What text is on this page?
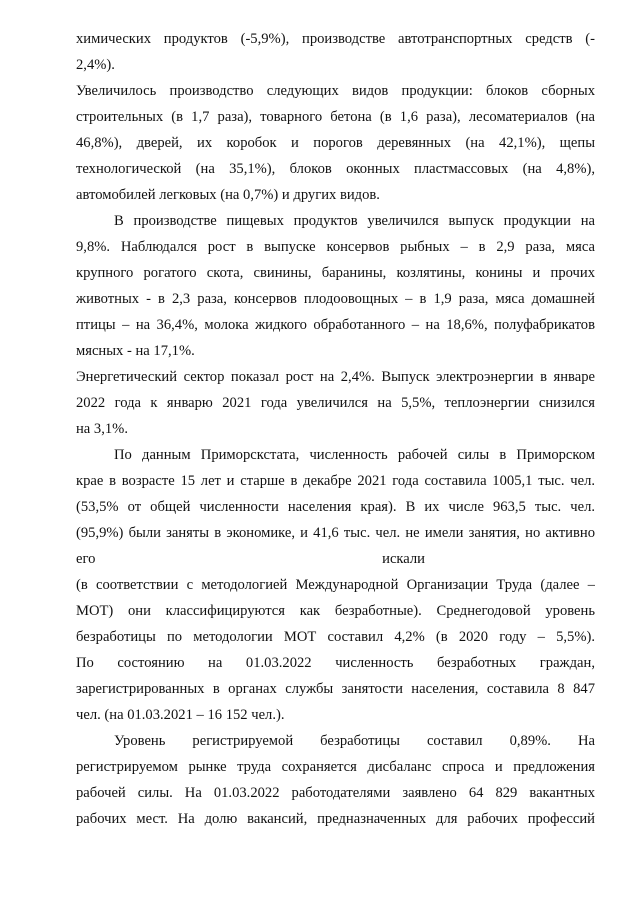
химических продуктов (-5,9%), производстве автотранспортных средств (-
2,4%).
Увеличилось производство следующих видов продукции: блоков сборных
строительных (в 1,7 раза), товарного бетона (в 1,6 раза), лесоматериалов (на
46,8%), дверей, их коробок и порогов деревянных (на 42,1%), щепы
технологической (на 35,1%), блоков оконных пластмассовых (на 4,8%),
автомобилей легковых (на 0,7%) и других видов.
В производстве пищевых продуктов увеличился выпуск продукции на
9,8%. Наблюдался рост в выпуске консервов рыбных – в 2,9 раза, мяса
крупного рогатого скота, свинины, баранины, козлятины, конины и прочих
животных - в 2,3 раза, консервов плодоовощных – в 1,9 раза, мяса домашней
птицы – на 36,4%, молока жидкого обработанного – на 18,6%, полуфабрикатов
мясных - на 17,1%.
Энергетический сектор показал рост на 2,4%. Выпуск электроэнергии в январе
2022 года к январю 2021 года увеличился на 5,5%, теплоэнергии снизился
на 3,1%.
По данным Приморскстата, численность рабочей силы в Приморском
крае в возрасте 15 лет и старше в декабре 2021 года составила 1005,1 тыс. чел.
(53,5% от общей численности населения края). В их числе 963,5 тыс. чел.
(95,9%) были заняты в экономике, и 41,6 тыс. чел. не имели занятия, но активно
его искали
(в соответствии с методологией Международной Организации Труда (далее –
МОТ) они классифицируются как безработные). Среднегодовой уровень
безработицы по методологии МОТ составил 4,2% (в 2020 году – 5,5%).
По состоянию на 01.03.2022 численность безработных граждан,
зарегистрированных в органах службы занятости населения, составила 8 847
чел. (на 01.03.2021 – 16 152 чел.).
Уровень регистрируемой безработицы составил 0,89%. На
регистрируемом рынке труда сохраняется дисбаланс спроса и предложения
рабочей силы. На 01.03.2022 работодателями заявлено 64 829 вакантных
рабочих мест. На долю вакансий, предназначенных для рабочих профессий
